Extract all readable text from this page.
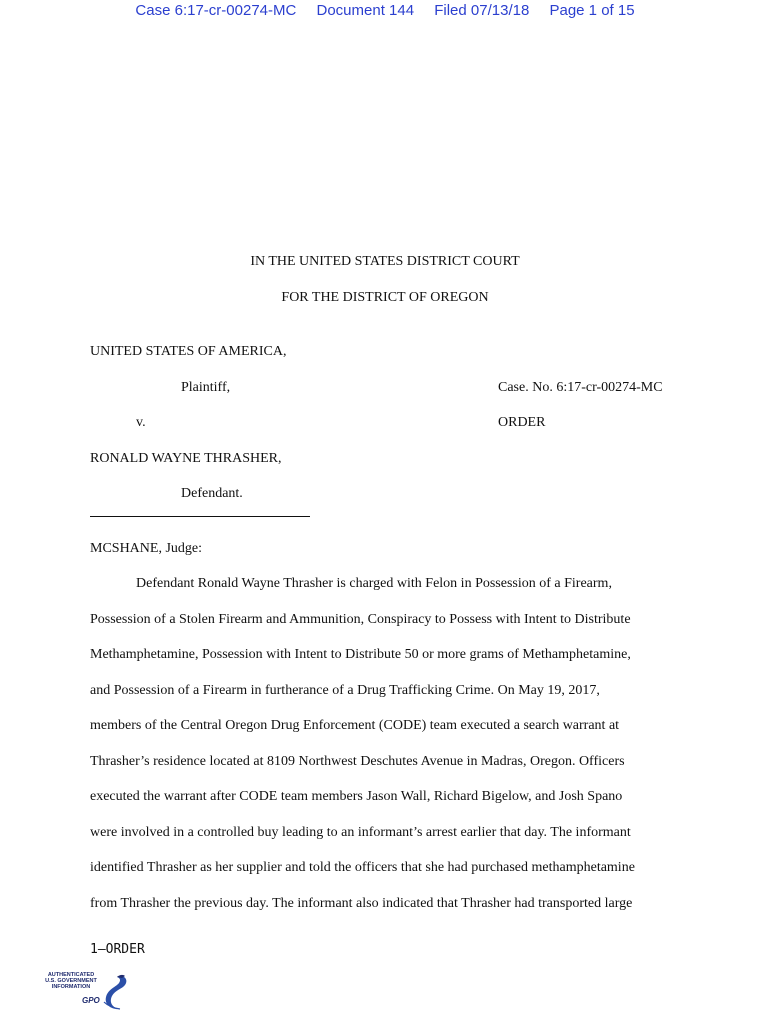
Case 6:17-cr-00274-MC Document 144 Filed 07/13/18 Page 1 of 15
IN THE UNITED STATES DISTRICT COURT
FOR THE DISTRICT OF OREGON
UNITED STATES OF AMERICA,
Plaintiff,	Case. No. 6:17-cr-00274-MC
v.	ORDER
RONALD WAYNE THRASHER,
Defendant.
MCSHANE, Judge:
Defendant Ronald Wayne Thrasher is charged with Felon in Possession of a Firearm,
Possession of a Stolen Firearm and Ammunition, Conspiracy to Possess with Intent to Distribute
Methamphetamine, Possession with Intent to Distribute 50 or more grams of Methamphetamine,
and Possession of a Firearm in furtherance of a Drug Trafficking Crime. On May 19, 2017,
members of the Central Oregon Drug Enforcement (CODE) team executed a search warrant at
Thrasher’s residence located at 8109 Northwest Deschutes Avenue in Madras, Oregon. Officers
executed the warrant after CODE team members Jason Wall, Richard Bigelow, and Josh Spano
were involved in a controlled buy leading to an informant’s arrest earlier that day. The informant
identified Thrasher as her supplier and told the officers that she had purchased methamphetamine
from Thrasher the previous day. The informant also indicated that Thrasher had transported large
1—ORDER
AUTHENTICATED
U.S. GOVERNMENT
INFORMATION
GPO
